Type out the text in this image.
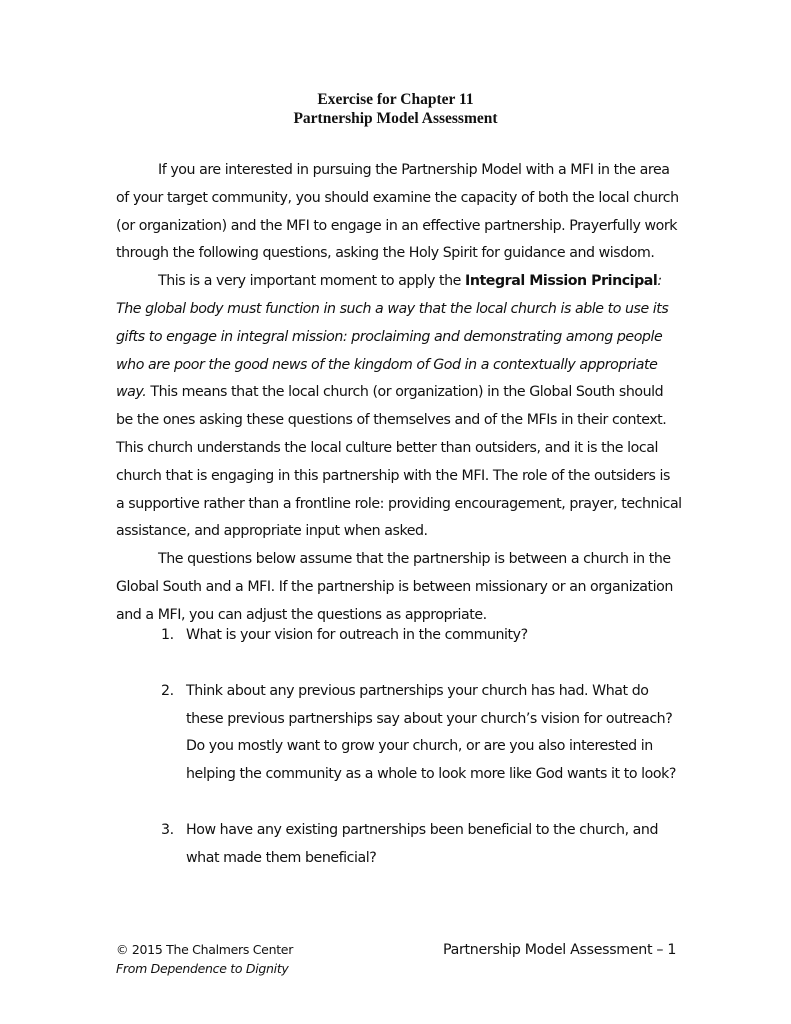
Exercise for Chapter 11
Partnership Model Assessment

If you are interested in pursuing the Partnership Model with a MFI in the area of your target community, you should examine the capacity of both the local church (or organization) and the MFI to engage in an effective partnership. Prayerfully work through the following questions, asking the Holy Spirit for guidance and wisdom.

This is a very important moment to apply the Integral Mission Principal: The global body must function in such a way that the local church is able to use its gifts to engage in integral mission: proclaiming and demonstrating among people who are poor the good news of the kingdom of God in a contextually appropriate way. This means that the local church (or organization) in the Global South should be the ones asking these questions of themselves and of the MFIs in their context. This church understands the local culture better than outsiders, and it is the local church that is engaging in this partnership with the MFI. The role of the outsiders is a supportive rather than a frontline role: providing encouragement, prayer, technical assistance, and appropriate input when asked.

The questions below assume that the partnership is between a church in the Global South and a MFI. If the partnership is between missionary or an organization and a MFI, you can adjust the questions as appropriate.

1. What is your vision for outreach in the community?
2. Think about any previous partnerships your church has had. What do these previous partnerships say about your church’s vision for outreach? Do you mostly want to grow your church, or are you also interested in helping the community as a whole to look more like God wants it to look?
3. How have any existing partnerships been beneficial to the church, and what made them beneficial?
© 2015 The Chalmers Center
From Dependence to Dignity
Partnership Model Assessment – 1
